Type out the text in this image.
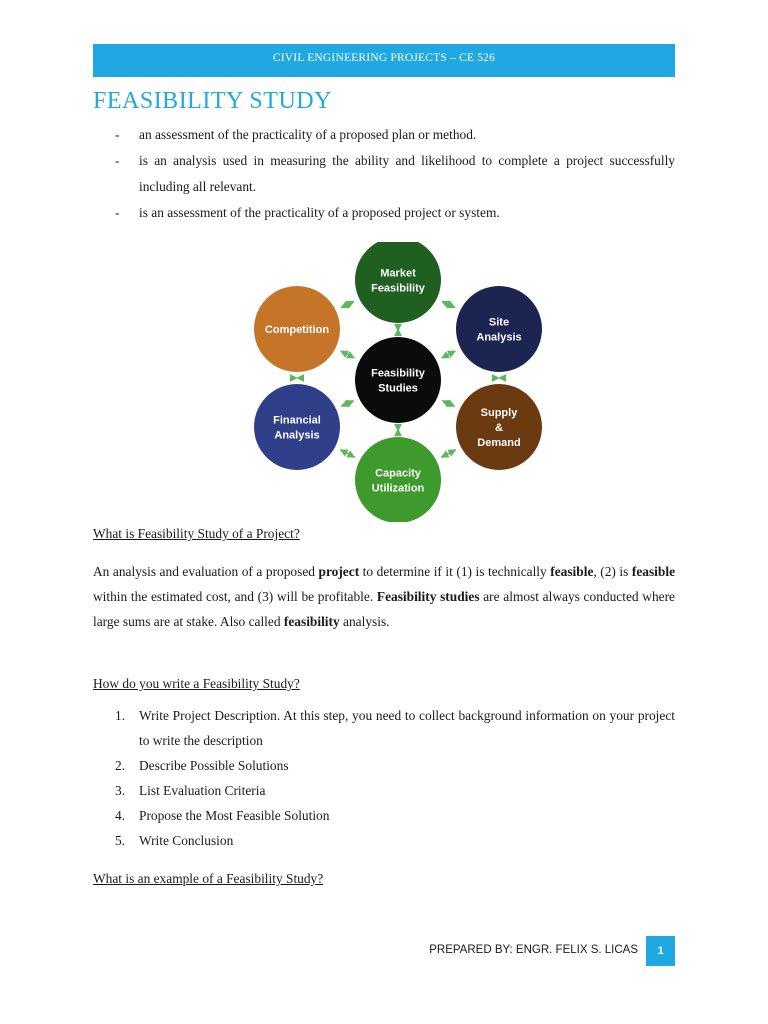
CIVIL ENGINEERING PROJECTS – CE 526
FEASIBILITY STUDY
- an assessment of the practicality of a proposed plan or method.
- is an analysis used in measuring the ability and likelihood to complete a project successfully including all relevant.
- is an assessment of the practicality of a proposed project or system.
Market
Feasibility
Site
Analysis
Supply
&
Demand
Capacity
Utilization
Financial
Analysis
Competition
Feasibility
Studies

What is Feasibility Study of a Project?

An analysis and evaluation of a proposed project to determine if it (1) is technically feasible, (2) is feasible within the estimated cost, and (3) will be profitable. Feasibility studies are almost always conducted where large sums are at stake. Also called feasibility analysis.

How do you write a Feasibility Study?

1. Write Project Description. At this step, you need to collect background information on your project to write the description
2. Describe Possible Solutions
3. List Evaluation Criteria
4. Propose the Most Feasible Solution
5. Write Conclusion

What is an example of a Feasibility Study?

PREPARED BY: ENGR. FELIX S. LICAS	1
